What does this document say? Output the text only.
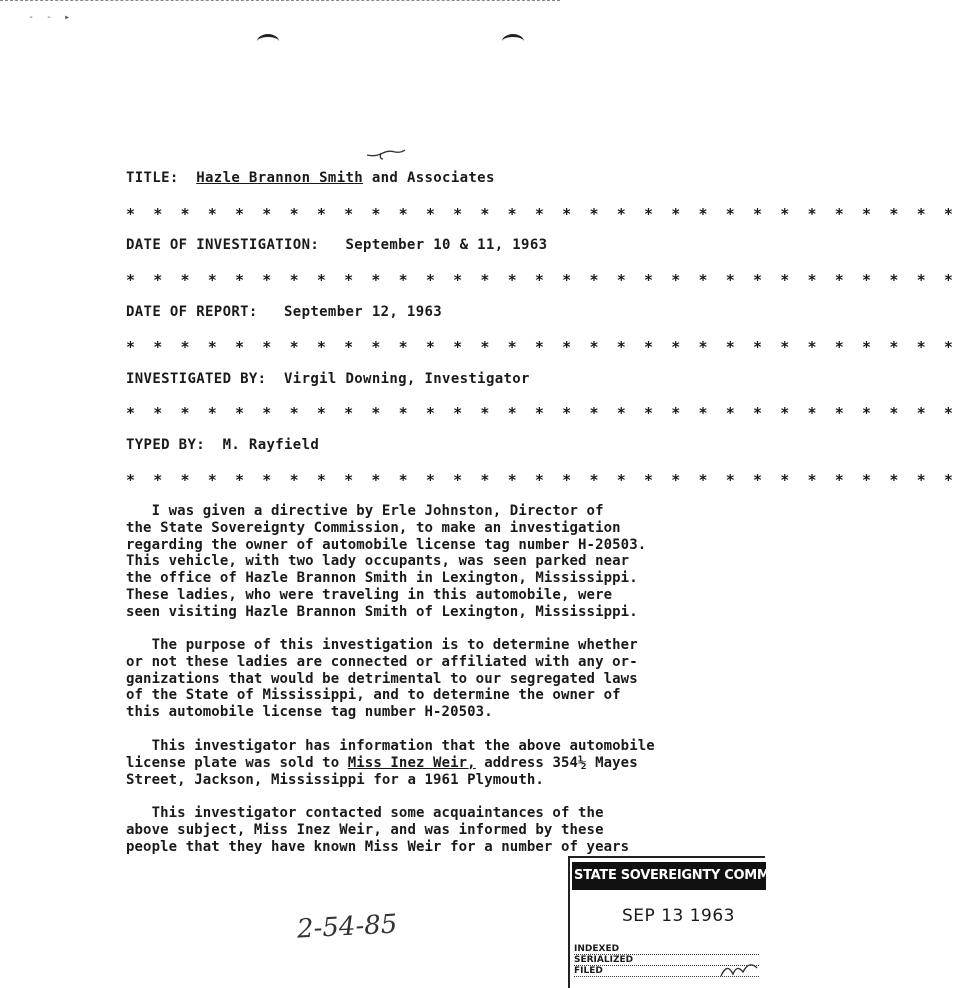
-  -  ▸
TITLE: Hazle Brannon Smith and Associates
* * * * * * * * * * * * * * * * * * * * * * * * * * * * * * *
DATE OF INVESTIGATION: September 10 & 11, 1963
* * * * * * * * * * * * * * * * * * * * * * * * * * * * * * *
DATE OF REPORT: September 12, 1963
* * * * * * * * * * * * * * * * * * * * * * * * * * * * * * *
INVESTIGATED BY: Virgil Downing, Investigator
* * * * * * * * * * * * * * * * * * * * * * * * * * * * * * *
TYPED BY: M. Rayfield
* * * * * * * * * * * * * * * * * * * * * * * * * * * * * * *

I was given a directive by Erle Johnston, Director of

the State Sovereignty Commission, to make an investigation

regarding the owner of automobile license tag number H-20503.

This vehicle, with two lady occupants, was seen parked near

the office of Hazle Brannon Smith in Lexington, Mississippi.

These ladies, who were traveling in this automobile, were

seen visiting Hazle Brannon Smith of Lexington, Mississippi.

The purpose of this investigation is to determine whether

or not these ladies are connected or affiliated with any or-

ganizations that would be detrimental to our segregated laws

of the State of Mississippi, and to determine the owner of

this automobile license tag number H-20503.

This investigator has information that the above automobile

license plate was sold to Miss Inez Weir, address 354½ Mayes

Street, Jackson, Mississippi for a 1961 Plymouth.

This investigator contacted some acquaintances of the

above subject, Miss Inez Weir, and was informed by these

people that they have known Miss Weir for a number of years

2-54-85
STATE SOVEREIGNTY COMMISSION
SEP 13 1963
INDEXED
SERIALIZED
FILED
